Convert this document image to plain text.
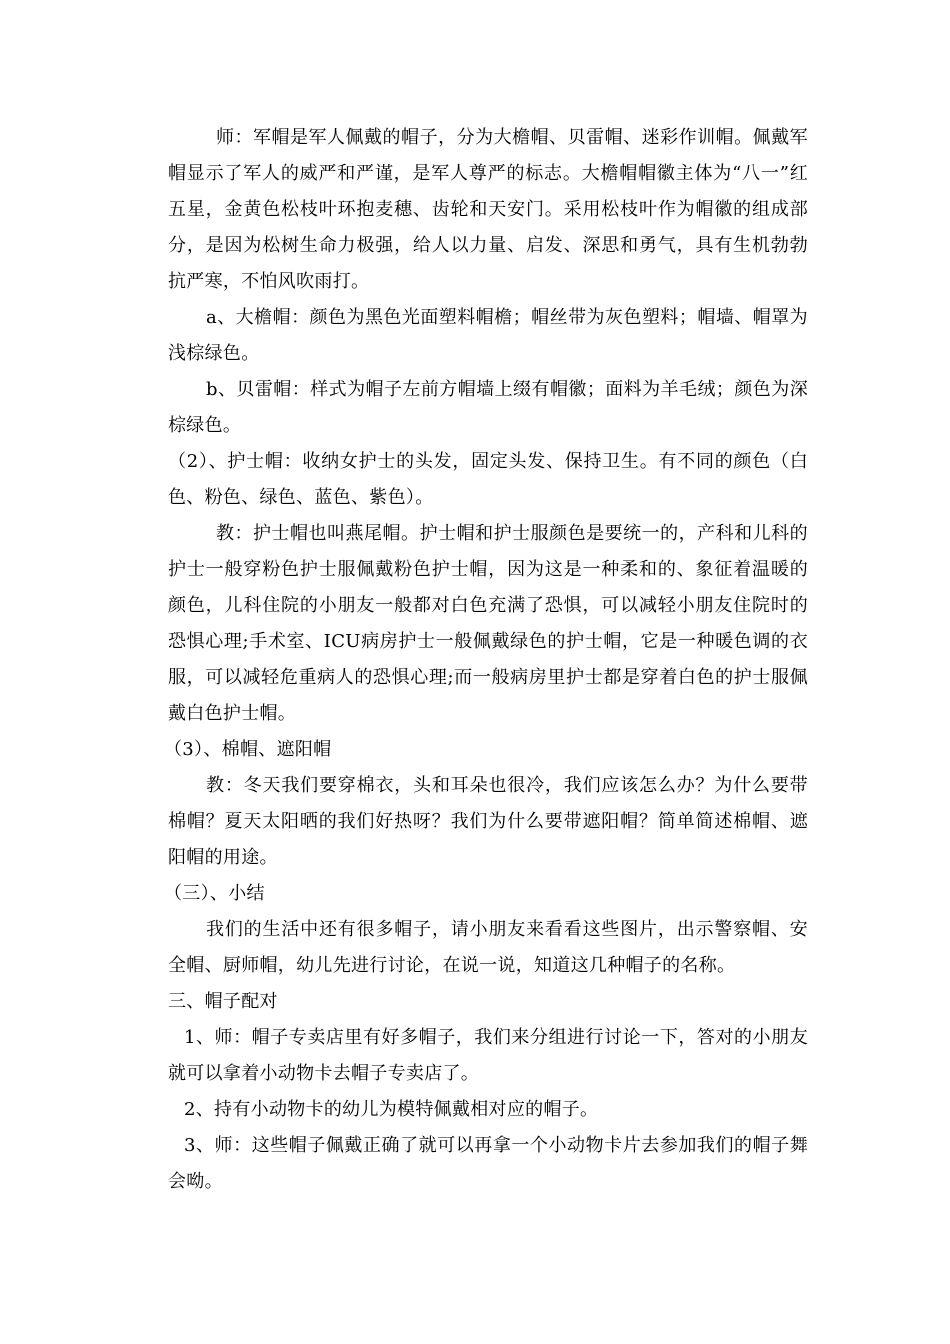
师：军帽是军人佩戴的帽子，分为大檐帽、贝雷帽、迷彩作训帽。佩戴军帽显示了军人的威严和严谨，是军人尊严的标志。大檐帽帽徽主体为“八一”红五星，金黄色松枝叶环抱麦穗、齿轮和天安门。采用松枝叶作为帽徽的组成部分，是因为松树生命力极强，给人以力量、启发、深思和勇气，具有生机勃勃抗严寒，不怕风吹雨打。

a、大檐帽：颜色为黑色光面塑料帽檐；帽丝带为灰色塑料；帽墙、帽罩为浅棕绿色。

b、贝雷帽：样式为帽子左前方帽墙上缀有帽徽；面料为羊毛绒；颜色为深棕绿色。

（2）、护士帽：收纳女护士的头发，固定头发、保持卫生。有不同的颜色（白色、粉色、绿色、蓝色、紫色）。

教：护士帽也叫燕尾帽。护士帽和护士服颜色是要统一的，产科和儿科的护士一般穿粉色护士服佩戴粉色护士帽，因为这是一种柔和的、象征着温暖的颜色，儿科住院的小朋友一般都对白色充满了恐惧，可以减轻小朋友住院时的恐惧心理;手术室、ICU病房护士一般佩戴绿色的护士帽，它是一种暖色调的衣服，可以减轻危重病人的恐惧心理;而一般病房里护士都是穿着白色的护士服佩戴白色护士帽。

（3）、棉帽、遮阳帽

教：冬天我们要穿棉衣，头和耳朵也很冷，我们应该怎么办？为什么要带棉帽？夏天太阳晒的我们好热呀？我们为什么要带遮阳帽？简单简述棉帽、遮阳帽的用途。

（三）、小结

我们的生活中还有很多帽子，请小朋友来看看这些图片，出示警察帽、安全帽、厨师帽，幼儿先进行讨论，在说一说，知道这几种帽子的名称。

三、帽子配对

1、师：帽子专卖店里有好多帽子，我们来分组进行讨论一下，答对的小朋友就可以拿着小动物卡去帽子专卖店了。

2、持有小动物卡的幼儿为模特佩戴相对应的帽子。

3、师：这些帽子佩戴正确了就可以再拿一个小动物卡片去参加我们的帽子舞会呦。
